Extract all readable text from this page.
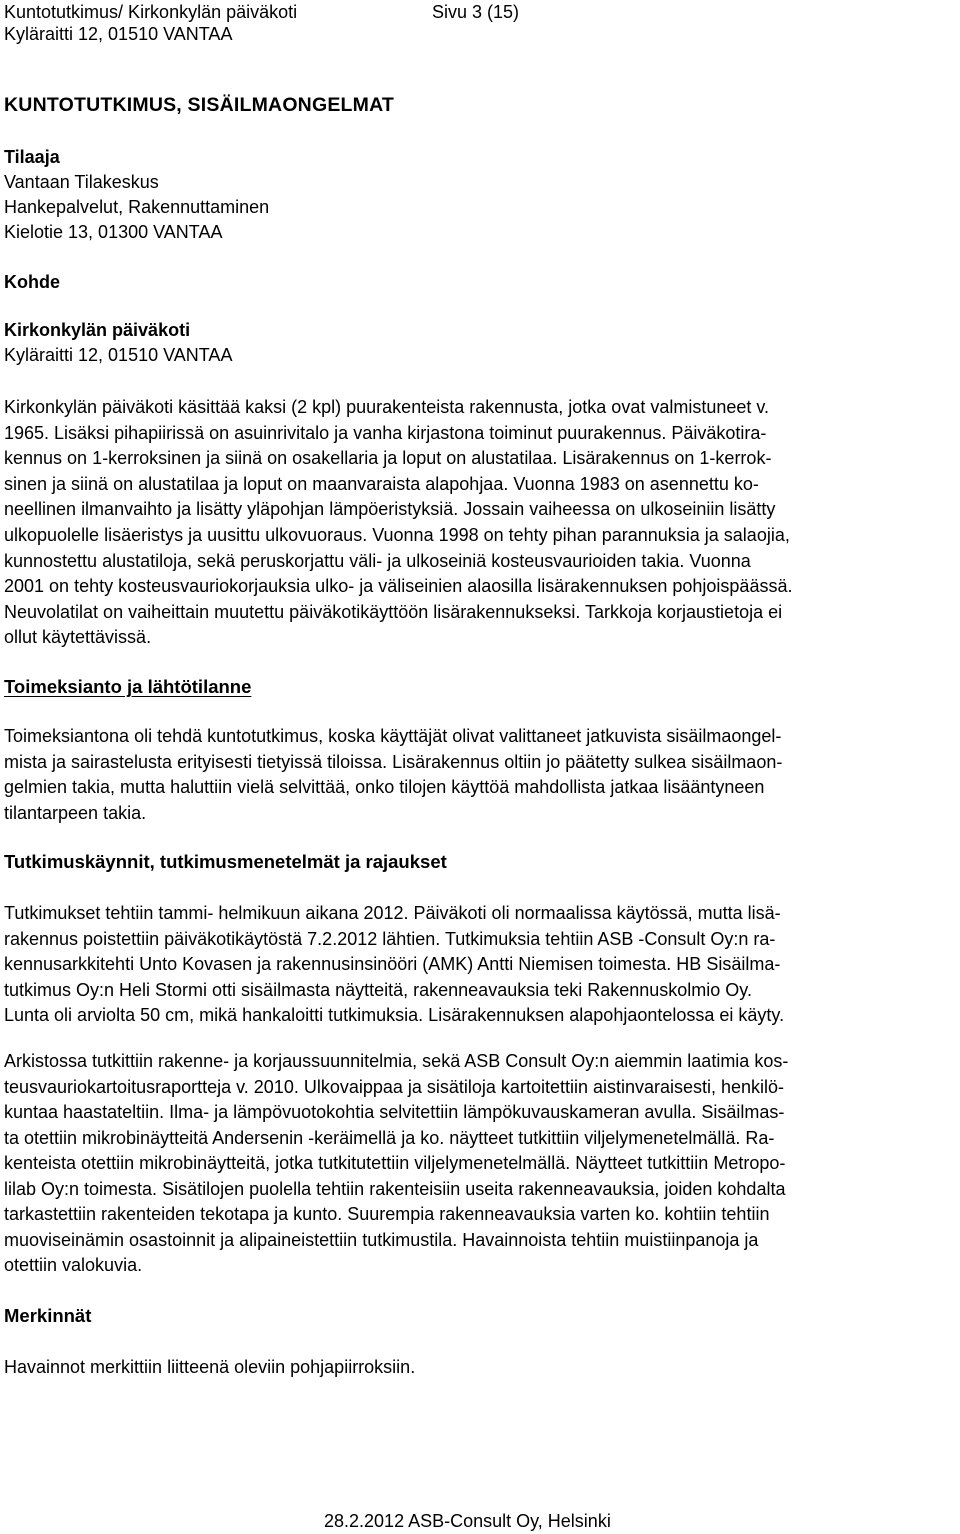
Kuntotutkimus/ Kirkonkylän päiväkoti
Kyläraitti 12, 01510 VANTAA
Sivu 3 (15)
KUNTOTUTKIMUS, SISÄILMAONGELMAT

Tilaaja

Vantaan Tilakeskus

Hankepalvelut, Rakennuttaminen

Kielotie 13, 01300 VANTAA

Kohde

Kirkonkylän päiväkoti

Kyläraitti 12, 01510 VANTAA

Kirkonkylän päiväkoti käsittää kaksi (2 kpl) puurakenteista rakennusta, jotka ovat valmistuneet v.

1965. Lisäksi pihapiirissä on asuinrivitalo ja vanha kirjastona toiminut puurakennus. Päiväkotira-

kennus on 1-kerroksinen ja siinä on osakellaria ja loput on alustatilaa. Lisärakennus on 1-kerrok-

sinen ja siinä on alustatilaa ja loput on maanvaraista alapohjaa. Vuonna 1983 on asennettu ko-

neellinen ilmanvaihto ja lisätty yläpohjan lämpöeristyksiä. Jossain vaiheessa on ulkoseiniin lisätty

ulkopuolelle lisäeristys ja uusittu ulkovuoraus. Vuonna 1998 on tehty pihan parannuksia ja salaojia,

kunnostettu alustatiloja, sekä peruskorjattu väli- ja ulkoseiniä kosteusvaurioiden takia. Vuonna

2001 on tehty kosteusvauriokorjauksia ulko- ja väliseinien alaosilla lisärakennuksen pohjoispäässä.

Neuvolatilat on vaiheittain muutettu päiväkotikäyttöön lisärakennukseksi. Tarkkoja korjaustietoja ei

ollut käytettävissä.

Toimeksianto ja lähtötilanne

Toimeksiantona oli tehdä kuntotutkimus, koska käyttäjät olivat valittaneet jatkuvista sisäilmaongel-

mista ja sairastelusta erityisesti tietyissä tiloissa. Lisärakennus oltiin jo päätetty sulkea sisäilmaon-

gelmien takia, mutta haluttiin vielä selvittää, onko tilojen käyttöä mahdollista jatkaa lisääntyneen

tilantarpeen takia.

Tutkimuskäynnit, tutkimusmenetelmät ja rajaukset

Tutkimukset tehtiin tammi- helmikuun aikana 2012. Päiväkoti oli normaalissa käytössä, mutta lisä-

rakennus poistettiin päiväkotikäytöstä 7.2.2012 lähtien. Tutkimuksia tehtiin ASB -Consult Oy:n ra-

kennusarkkitehti Unto Kovasen ja rakennusinsinööri (AMK) Antti Niemisen toimesta. HB Sisäilma-

tutkimus Oy:n Heli Stormi otti sisäilmasta näytteitä, rakenneavauksia teki Rakennuskolmio Oy.

Lunta oli arviolta 50 cm, mikä hankaloitti tutkimuksia. Lisärakennuksen alapohjaontelossa ei käyty.

Arkistossa tutkittiin rakenne- ja korjaussuunnitelmia, sekä ASB Consult Oy:n aiemmin laatimia kos-

teusvauriokartoitusraportteja v. 2010. Ulkovaippaa ja sisätiloja kartoitettiin aistinvaraisesti, henkilö-

kuntaa haastateltiin. Ilma- ja lämpövuotokohtia selvitettiin lämpökuvauskameran avulla. Sisäilmas-

ta otettiin mikrobinäytteitä Andersenin -keräimellä ja ko. näytteet tutkittiin viljelymenetelmällä. Ra-

kenteista otettiin mikrobinäytteitä, jotka tutkitutettiin viljelymenetelmällä. Näytteet tutkittiin Metropo-

lilab Oy:n toimesta. Sisätilojen puolella tehtiin rakenteisiin useita rakenneavauksia, joiden kohdalta

tarkastettiin rakenteiden tekotapa ja kunto. Suurempia rakenneavauksia varten ko. kohtiin tehtiin

muoviseinämin osastoinnit ja alipaineistettiin tutkimustila. Havainnoista tehtiin muistiinpanoja ja

otettiin valokuvia.

Merkinnät

Havainnot merkittiin liitteenä oleviin pohjapiirroksiin.

28.2.2012 ASB-Consult Oy, Helsinki
